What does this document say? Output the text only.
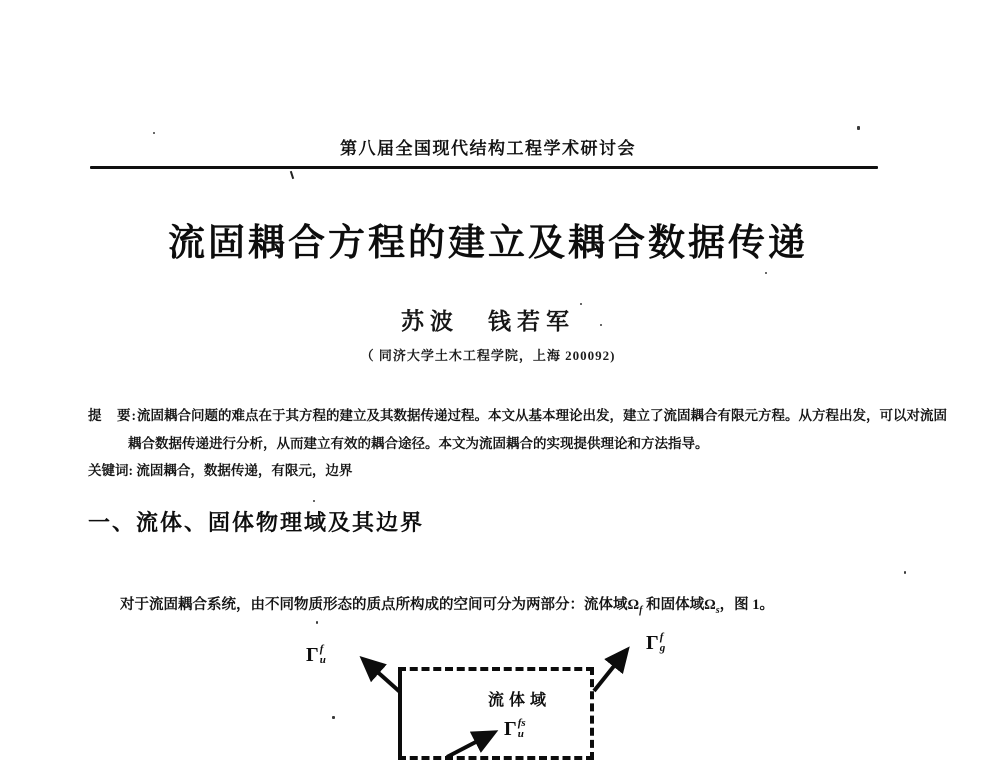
第八届全国现代结构工程学术研讨会
流固耦合方程的建立及耦合数据传递
苏波　钱若军
（ 同济大学土木工程学院，上海 200092)

提　要:流固耦合问题的难点在于其方程的建立及其数据传递过程。本文从基本理论出发，建立了流固耦合有限元方程。从方程出发，可以对流固耦合数据传递进行分析，从而建立有效的耦合途径。本文为流固耦合的实现提供理论和方法指导。

关键词: 流固耦合，数据传递，有限元，边界

一、流体、固体物理域及其边界

对于流固耦合系统，由不同物质形态的质点所构成的空间可分为两部分：流体域$\Omega_f$ 和固体域$\Omega_s$，图 1。

流体域
Γ f
u
Γ f
g
Γ fs
u
